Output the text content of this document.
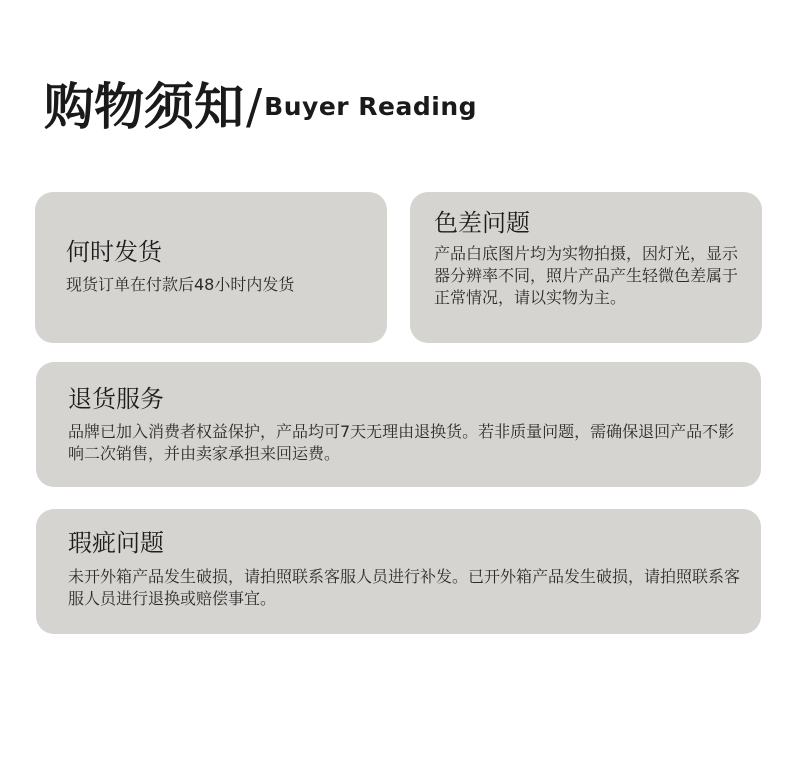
购物须知 / Buyer Reading
何时发货
现货订单在付款后48小时内发货
色差问题
产品白底图片均为实物拍摄，因灯光，显示器分辨率不同，照片产品产生轻微色差属于正常情况，请以实物为主。
退货服务
品牌已加入消费者权益保护，产品均可7天无理由退换货。若非质量问题，需确保退回产品不影响二次销售，并由卖家承担来回运费。
瑕疵问题
未开外箱产品发生破损，请拍照联系客服人员进行补发。已开外箱产品发生破损，请拍照联系客服人员进行退换或赔偿事宜。
